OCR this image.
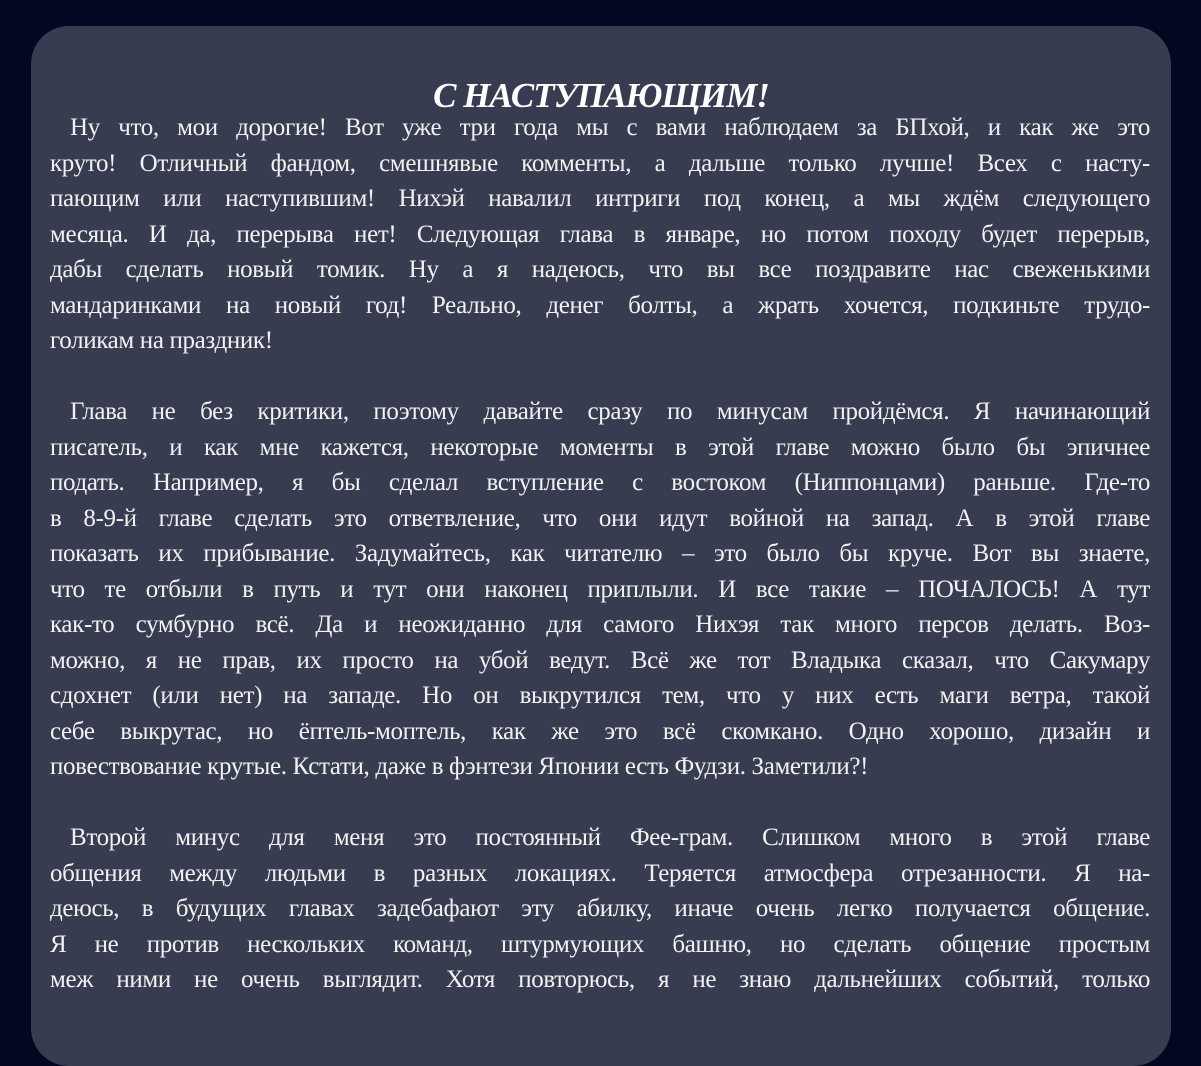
С НАСТУПАЮЩИМ!
Ну что, мои дорогие! Вот уже три года мы с вами наблюдаем за БПхой, и как же это
круто! Отличный фандом, смешнявые комменты, а дальше только лучше! Всех с насту-
пающим или наступившим! Нихэй навалил интриги под конец, а мы ждём следующего
месяца. И да, перерыва нет! Следующая глава в январе, но потом походу будет перерыв,
дабы сделать новый томик. Ну а я надеюсь, что вы все поздравите нас свеженькими
мандаринками на новый год! Реально, денег болты, а жрать хочется, подкиньте трудо-
голикам на праздник!
Глава не без критики, поэтому давайте сразу по минусам пройдёмся. Я начинающий
писатель, и как мне кажется, некоторые моменты в этой главе можно было бы эпичнее
подать. Например, я бы сделал вступление с востоком (Ниппонцами) раньше. Где-то
в 8-9-й главе сделать это ответвление, что они идут войной на запад. А в этой главе
показать их прибывание. Задумайтесь, как читателю – это было бы круче. Вот вы знаете,
что те отбыли в путь и тут они наконец приплыли. И все такие – ПОЧАЛОСЬ! А тут
как-то сумбурно всё. Да и неожиданно для самого Нихэя так много персов делать. Воз-
можно, я не прав, их просто на убой ведут. Всё же тот Владыка сказал, что Сакумару
сдохнет (или нет) на западе. Но он выкрутился тем, что у них есть маги ветра, такой
себе выкрутас, но ёптель-моптель, как же это всё скомкано. Одно хорошо, дизайн и
повествование крутые. Кстати, даже в фэнтези Японии есть Фудзи. Заметили?!
Второй минус для меня это постоянный Фее-грам. Слишком много в этой главе
общения между людьми в разных локациях. Теряется атмосфера отрезанности. Я на-
деюсь, в будущих главах задебафают эту абилку, иначе очень легко получается общение.
Я не против нескольких команд, штурмующих башню, но сделать общение простым
меж ними не очень выглядит. Хотя повторюсь, я не знаю дальнейших событий, только
